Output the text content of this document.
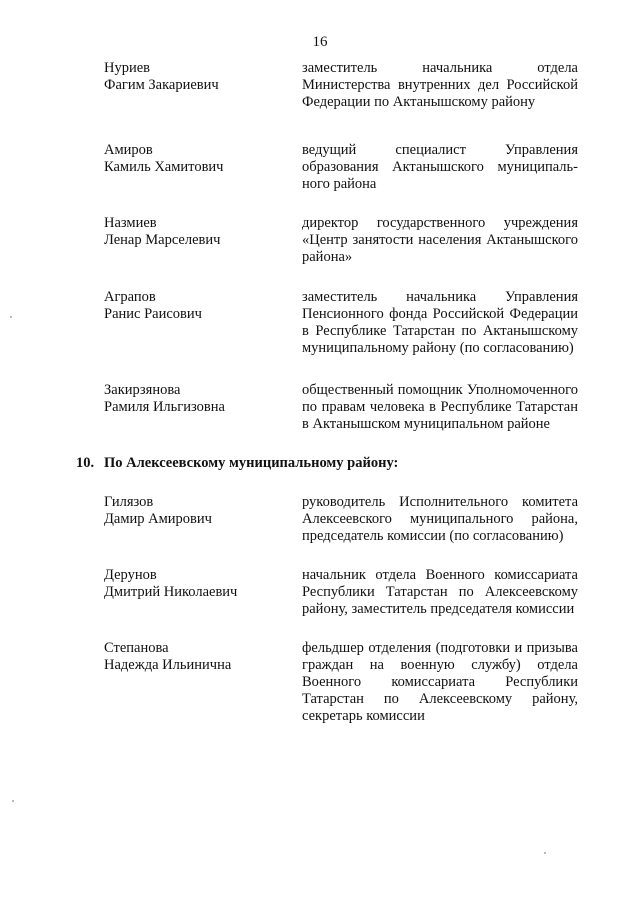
16
Нуриев
Фагим Закариевич
заместитель начальника отдела Министерства внутренних дел Российской Федерации по Актанышскому району
Амиров
Камиль Хамитович
ведущий специалист Управления образования Актанышского муниципального района
Назмиев
Ленар Марселевич
директор государственного учреждения «Центр занятости населения Актанышского района»
Аграпов
Ранис Раисович
заместитель начальника Управления Пенсионного фонда Российской Федерации в Республике Татарстан по Актанышскому муниципальному району (по согласованию)
Закирзянова
Рамиля Ильгизовна
общественный помощник Уполномоченного по правам человека в Республике Татарстан в Актанышском муниципальном районе
10. По Алексеевскому муниципальному району:
Гилязов
Дамир Амирович
руководитель Исполнительного комитета Алексеевского муниципального района, председатель комиссии (по согласованию)
Дерунов
Дмитрий Николаевич
начальник отдела Военного комиссариата Республики Татарстан по Алексеевскому району, заместитель председателя комиссии
Степанова
Надежда Ильинична
фельдшер отделения (подготовки и призыва граждан на военную службу) отдела Военного комиссариата Республики Татарстан по Алексеевскому району, секретарь комиссии
